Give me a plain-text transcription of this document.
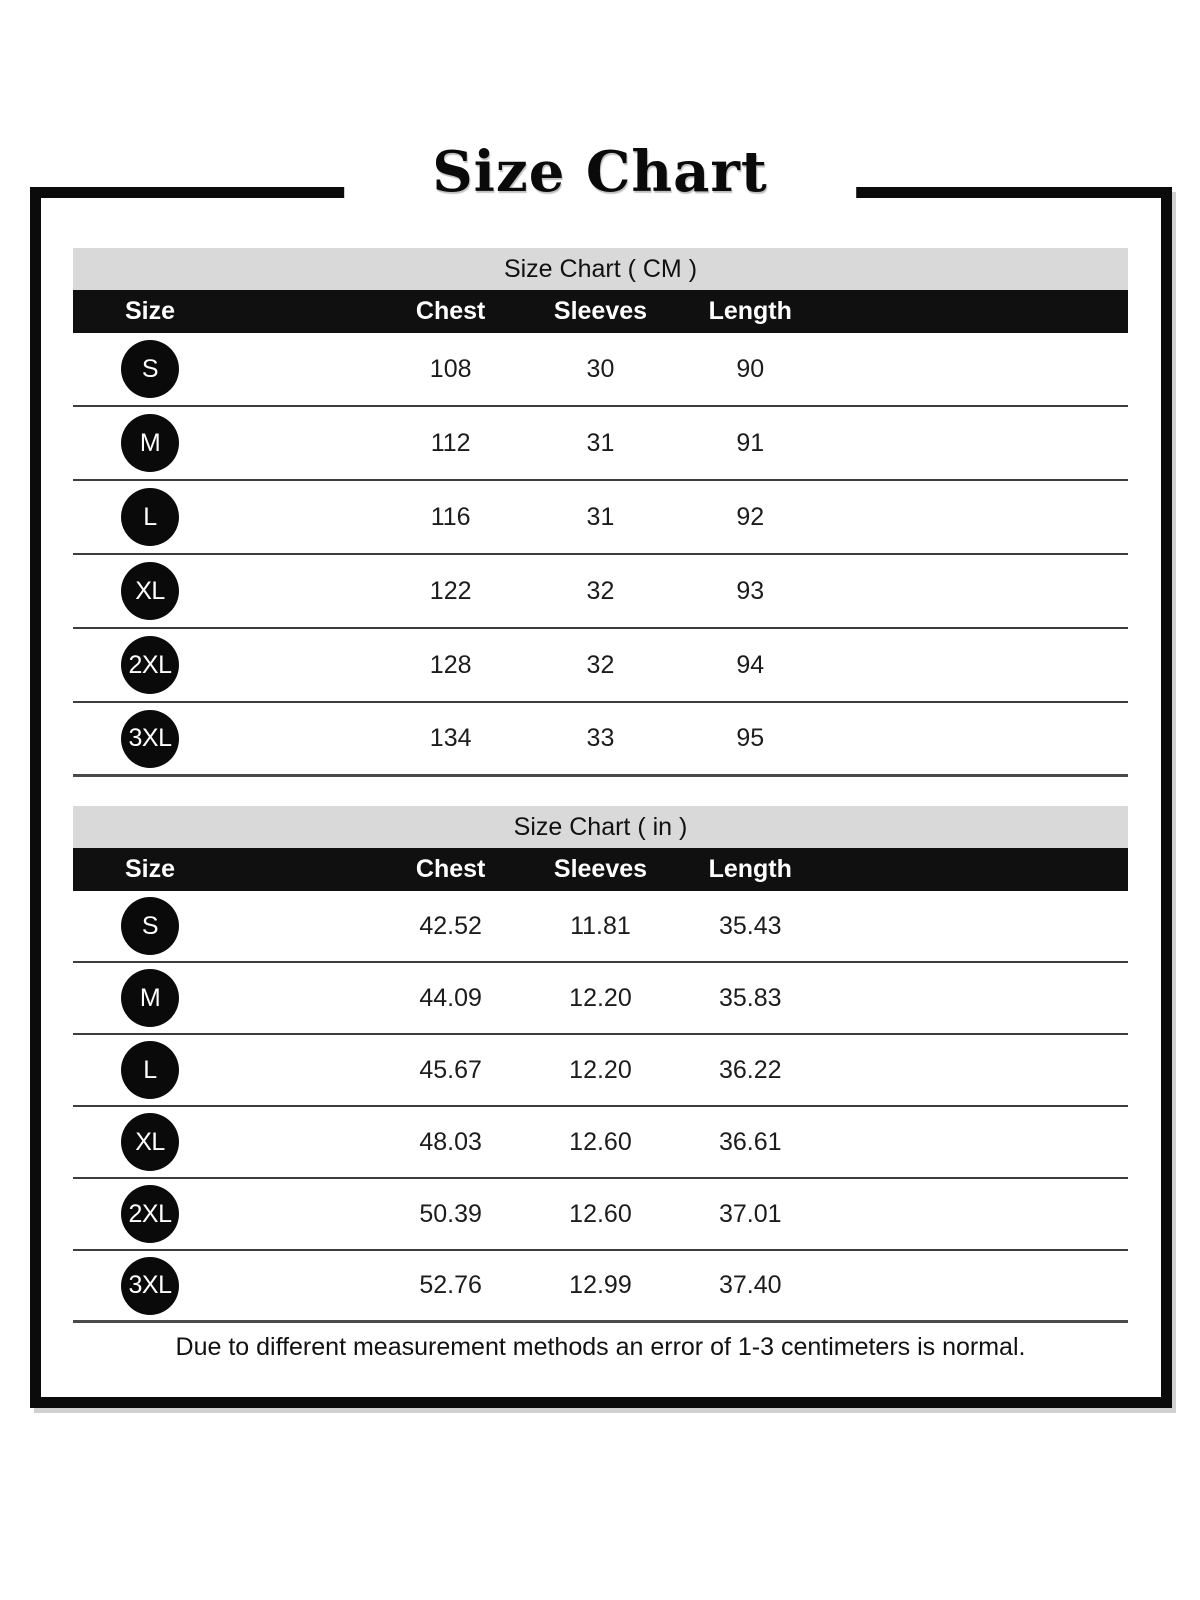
Size Chart
Size Chart ( CM )
Size	Chest	Sleeves	Length
S	108	30	90
M	112	31	91
L	116	31	92
XL	122	32	93
2XL	128	32	94
3XL	134	33	95
Size Chart ( in )
Size	Chest	Sleeves	Length
S	42.52	11.81	35.43
M	44.09	12.20	35.83
L	45.67	12.20	36.22
XL	48.03	12.60	36.61
2XL	50.39	12.60	37.01
3XL	52.76	12.99	37.40
Due to different measurement methods an error of 1-3 centimeters is normal.
